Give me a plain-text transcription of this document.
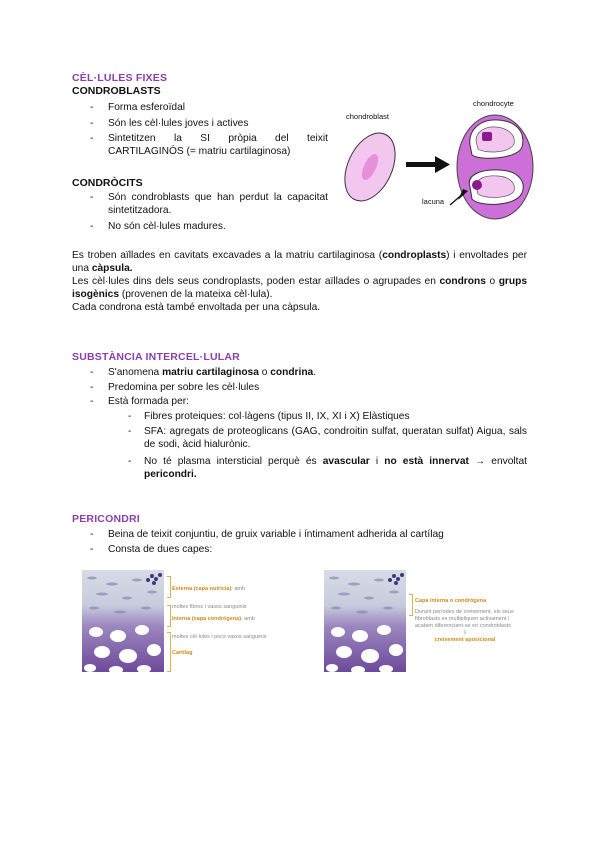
CÈL·LULES FIXES
CONDROBLASTS
-	Forma esferoïdal
-	Són les cèl·lules joves i actives
-	Sintetitzen la SI pròpia del teixit CARTILAGINÓS (= matriu cartilaginosa)
CONDRÒCITS
-	Són condroblasts que han perdut la capacitat sintetitzadora.
-	No són cèl·lules madures.
chondroblast
chondrocyte
lacuna
Es troben aïllades en cavitats excavades a la matriu cartilaginosa (condroplasts) i envoltades per una càpsula.
Les cèl·lules dins dels seus condroplasts, poden estar aïllades o agrupades en condrons o grups isogènics (provenen de la mateixa cèl·lula).
Cada condrona està també envoltada per una càpsula.
SUBSTÀNCIA INTERCEL·LULAR
-	S'anomena matriu cartilaginosa o condrina.
-	Predomina per sobre les cèl·lules
-	Està formada per:
-	Fibres proteiques: col·làgens (tipus II, IX, XI i X) Elàstiques
-	SFA: agregats de proteoglicans (GAG, condroitin sulfat, queratan sulfat) Aigua, sals de sodi, àcid hialurònic.
-	No té plasma intersticial perquè és avascular i no està innervat → envoltat pericondri.
PERICONDRI
-	Beina de teixit conjuntiu, de gruix variable i íntimament adherida al cartílag
-	Consta de dues capes:
Externa (capa nutrícia): amb
moltes fibres i vasos sanguinis
Interna (capa condrògena): amb
moltes cèl·lules i pocs vasos sanguinis
Cartílag
Capa interna o condrògena
Durant períodes de creixement, els seus
fibroblasts es multipliquen activament i
acaben diferenciant-se en condroblasts
⇩
creixement aposicional
